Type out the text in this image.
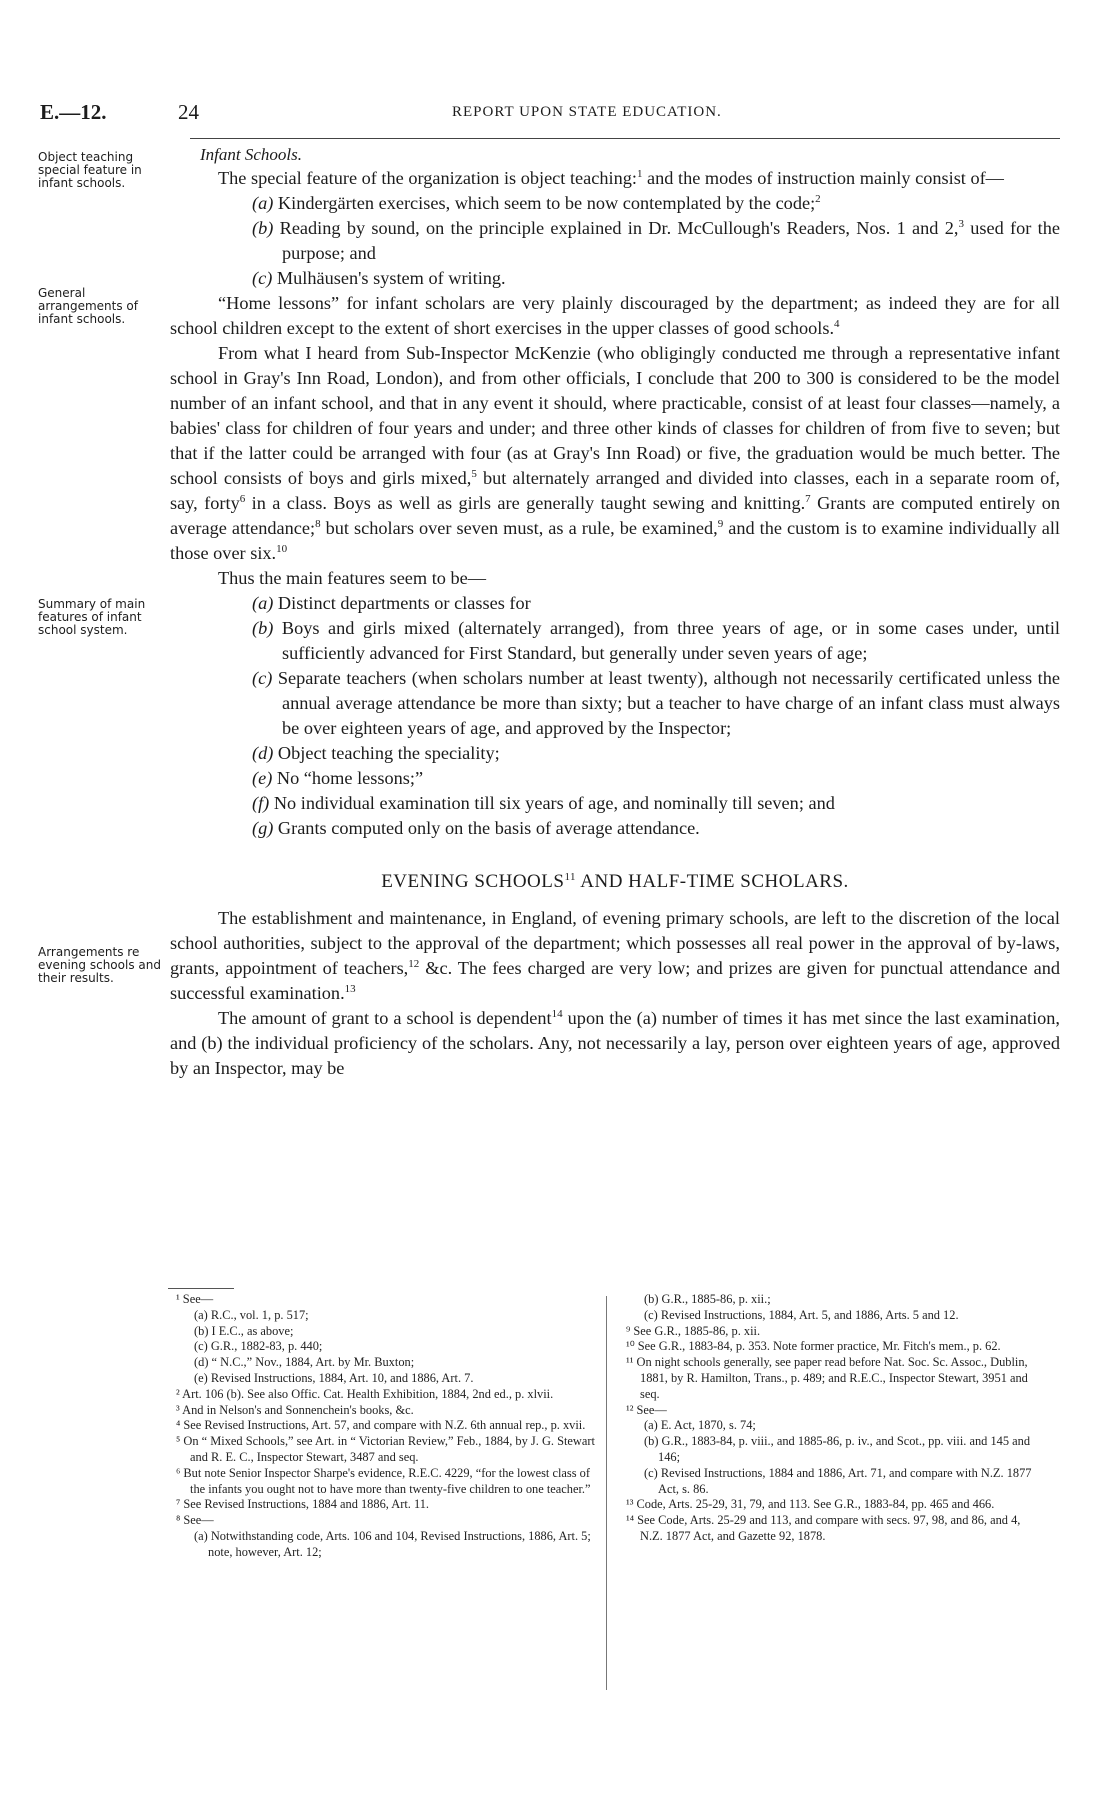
E.—12.	24	REPORT UPON STATE EDUCATION.
Object teaching special feature in infant schools.
General arrangements of infant schools.
Summary of main features of infant school system.
Arrangements re evening schools and their results.

Infant Schools.

The special feature of the organization is object teaching:$^1$ and the modes of instruction mainly consist of—

(a) Kindergärten exercises, which seem to be now contemplated by the code;$^2$

(b) Reading by sound, on the principle explained in Dr. McCullough's Readers, Nos. 1 and 2,$^3$ used for the purpose; and

(c) Mulhäusen's system of writing.

“Home lessons” for infant scholars are very plainly discouraged by the department; as indeed they are for all school children except to the extent of short exercises in the upper classes of good schools.$^4$

From what I heard from Sub-Inspector McKenzie (who obligingly conducted me through a representative infant school in Gray's Inn Road, London), and from other officials, I conclude that 200 to 300 is considered to be the model number of an infant school, and that in any event it should, where practicable, consist of at least four classes—namely, a babies' class for children of four years and under; and three other kinds of classes for children of from five to seven; but that if the latter could be arranged with four (as at Gray's Inn Road) or five, the graduation would be much better. The school consists of boys and girls mixed,$^5$ but alternately arranged and divided into classes, each in a separate room of, say, forty$^6$ in a class. Boys as well as girls are generally taught sewing and knitting.$^7$ Grants are computed entirely on average attendance;$^8$ but scholars over seven must, as a rule, be examined,$^9$ and the custom is to examine individually all those over six.$^{10}$

Thus the main features seem to be—

(a) Distinct departments or classes for

(b) Boys and girls mixed (alternately arranged), from three years of age, or in some cases under, until sufficiently advanced for First Standard, but generally under seven years of age;

(c) Separate teachers (when scholars number at least twenty), although not necessarily certificated unless the annual average attendance be more than sixty; but a teacher to have charge of an infant class must always be over eighteen years of age, and approved by the Inspector;

(d) Object teaching the speciality;

(e) No “home lessons;”

(f) No individual examination till six years of age, and nominally till seven; and

(g) Grants computed only on the basis of average attendance.

EVENING SCHOOLS$^{11}$ AND HALF-TIME SCHOLARS.

The establishment and maintenance, in England, of evening primary schools, are left to the discretion of the local school authorities, subject to the approval of the department; which possesses all real power in the approval of by-laws, grants, appointment of teachers,$^{12}$ &c. The fees charged are very low; and prizes are given for punctual attendance and successful examination.$^{13}$

The amount of grant to a school is dependent$^{14}$ upon the (a) number of times it has met since the last examination, and (b) the individual proficiency of the scholars. Any, not necessarily a lay, person over eighteen years of age, approved by an Inspector, may be

¹ See—
(a) R.C., vol. 1, p. 517;
(b) I E.C., as above;
(c) G.R., 1882-83, p. 440;
(d) “ N.C.,” Nov., 1884, Art. by Mr. Buxton;
(e) Revised Instructions, 1884, Art. 10, and 1886, Art. 7.
² Art. 106 (b). See also Offic. Cat. Health Exhibition, 1884, 2nd ed., p. xlvii.
³ And in Nelson's and Sonnenchein's books, &c.
⁴ See Revised Instructions, Art. 57, and compare with N.Z. 6th annual rep., p. xvii.
⁵ On “ Mixed Schools,” see Art. in “ Victorian Review,” Feb., 1884, by J. G. Stewart and R. E. C., Inspector Stewart, 3487 and seq.
⁶ But note Senior Inspector Sharpe's evidence, R.E.C. 4229, “for the lowest class of the infants you ought not to have more than twenty-five children to one teacher.”
⁷ See Revised Instructions, 1884 and 1886, Art. 11.
⁸ See—
(a) Notwithstanding code, Arts. 106 and 104, Revised Instructions, 1886, Art. 5; note, however, Art. 12;
(b) G.R., 1885-86, p. xii.;
(c) Revised Instructions, 1884, Art. 5, and 1886, Arts. 5 and 12.
⁹ See G.R., 1885-86, p. xii.
¹⁰ See G.R., 1883-84, p. 353. Note former practice, Mr. Fitch's mem., p. 62.
¹¹ On night schools generally, see paper read before Nat. Soc. Sc. Assoc., Dublin, 1881, by R. Hamilton, Trans., p. 489; and R.E.C., Inspector Stewart, 3951 and seq.
¹² See—
(a) E. Act, 1870, s. 74;
(b) G.R., 1883-84, p. viii., and 1885-86, p. iv., and Scot., pp. viii. and 145 and 146;
(c) Revised Instructions, 1884 and 1886, Art. 71, and compare with N.Z. 1877 Act, s. 86.
¹³ Code, Arts. 25-29, 31, 79, and 113. See G.R., 1883-84, pp. 465 and 466.
¹⁴ See Code, Arts. 25-29 and 113, and compare with secs. 97, 98, and 86, and 4, N.Z. 1877 Act, and Gazette 92, 1878.
